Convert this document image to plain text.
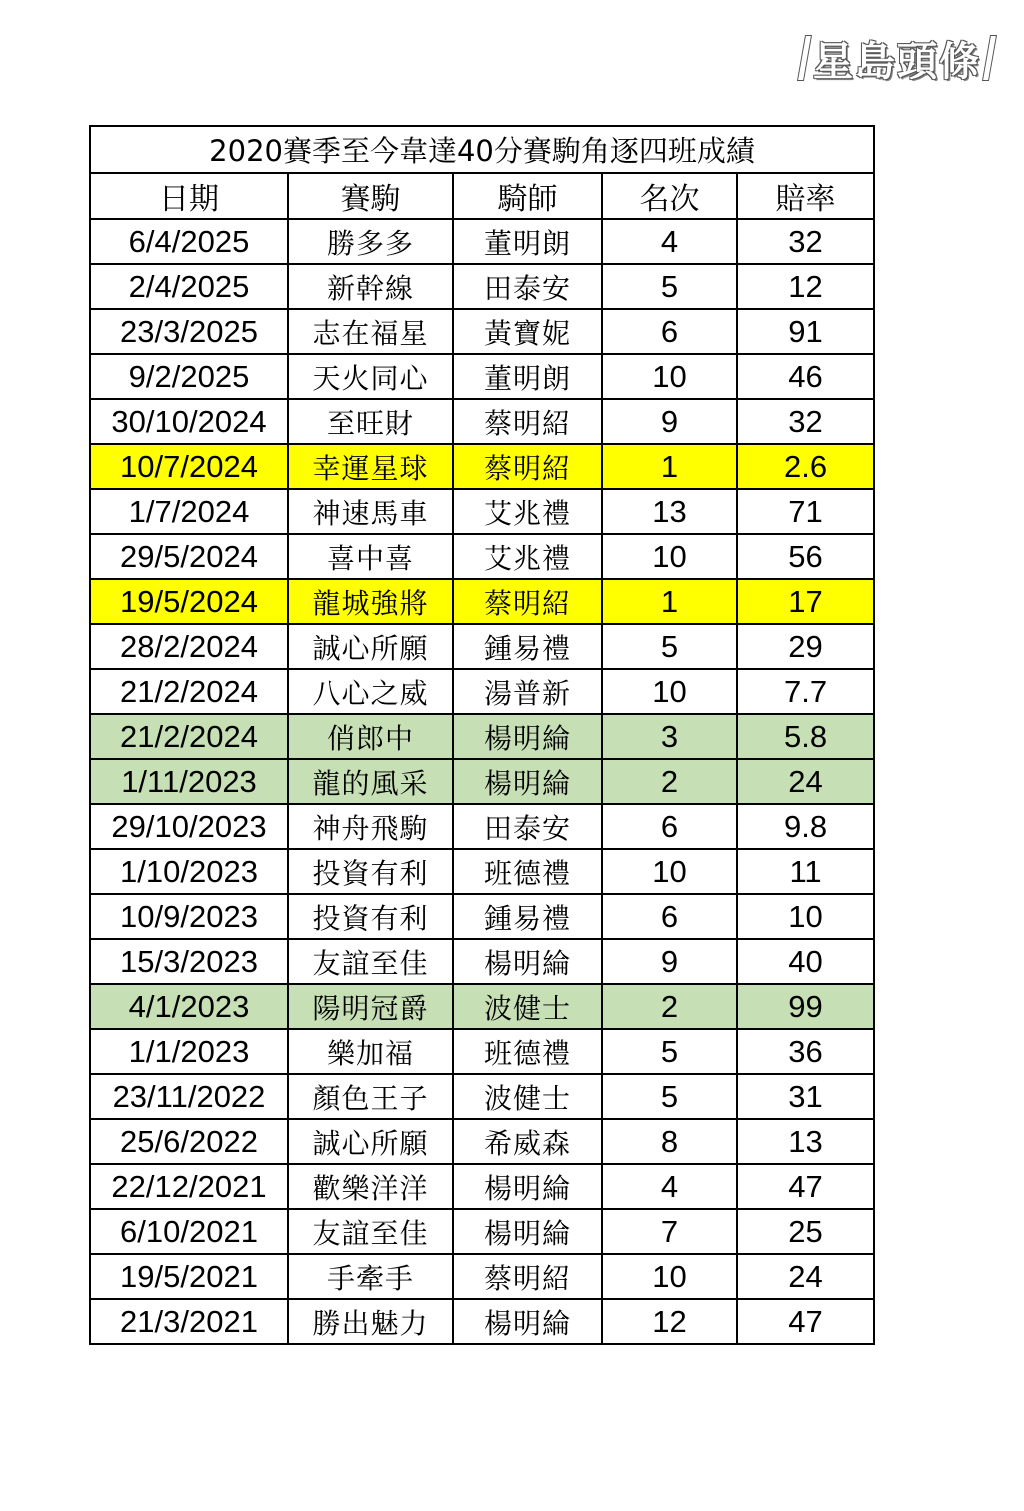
星島頭條
2020賽季至今韋達40分賽駒角逐四班成績				
日期	賽駒	騎師	名次	賠率
6/4/2025	勝多多	董明朗	4	32
2/4/2025	新幹線	田泰安	5	12
23/3/2025	志在福星	黃寶妮	6	91
9/2/2025	天火同心	董明朗	10	46
30/10/2024	至旺財	蔡明紹	9	32
10/7/2024	幸運星球	蔡明紹	1	2.6
1/7/2024	神速馬車	艾兆禮	13	71
29/5/2024	喜中喜	艾兆禮	10	56
19/5/2024	龍城強將	蔡明紹	1	17
28/2/2024	誠心所願	鍾易禮	5	29
21/2/2024	八心之威	湯普新	10	7.7
21/2/2024	俏郎中	楊明綸	3	5.8
1/11/2023	龍的風采	楊明綸	2	24
29/10/2023	神舟飛駒	田泰安	6	9.8
1/10/2023	投資有利	班德禮	10	11
10/9/2023	投資有利	鍾易禮	6	10
15/3/2023	友誼至佳	楊明綸	9	40
4/1/2023	陽明冠爵	波健士	2	99
1/1/2023	樂加福	班德禮	5	36
23/11/2022	顏色王子	波健士	5	31
25/6/2022	誠心所願	希威森	8	13
22/12/2021	歡樂洋洋	楊明綸	4	47
6/10/2021	友誼至佳	楊明綸	7	25
19/5/2021	手牽手	蔡明紹	10	24
21/3/2021	勝出魅力	楊明綸	12	47
